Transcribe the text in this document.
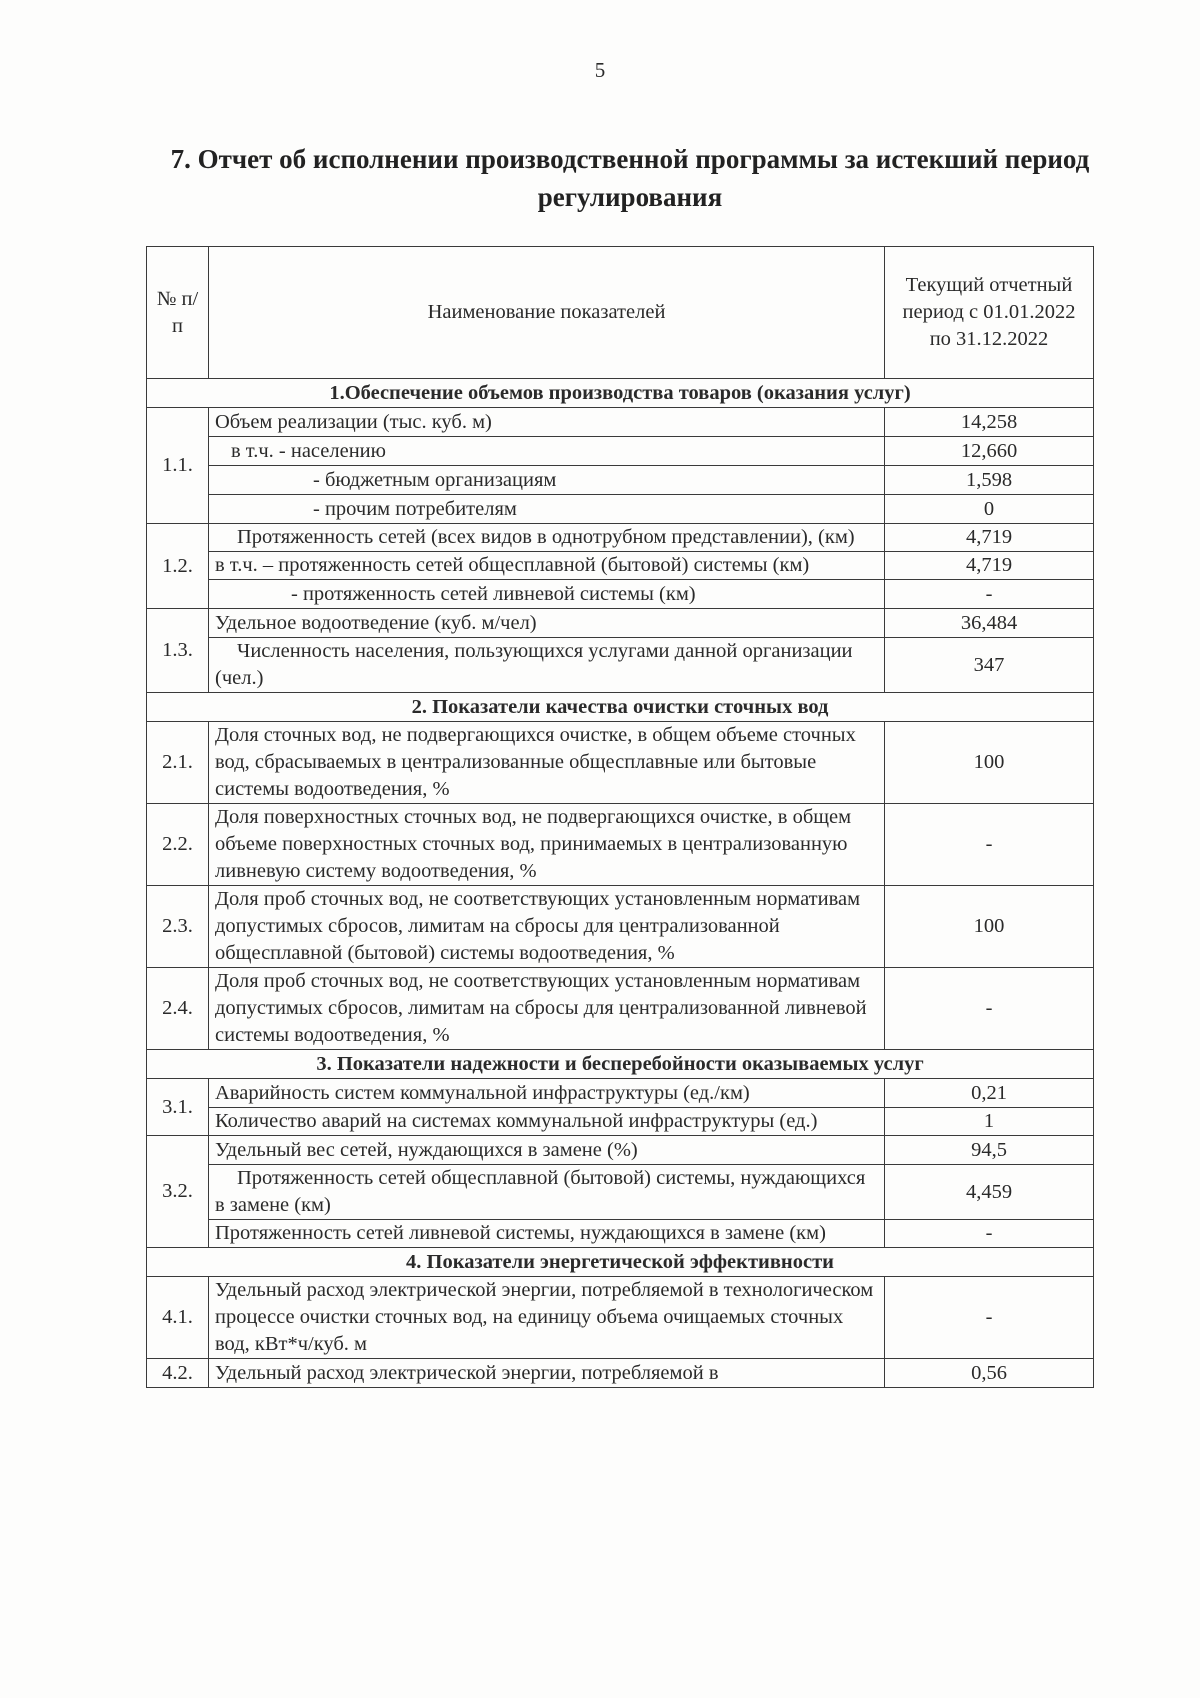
5
7. Отчет об исполнении производственной программы за истекший период регулирования
№ п/п	Наименование показателей	Текущий отчетный период с 01.01.2022 по 31.12.2022
1.Обеспечение объемов производства товаров (оказания услуг)		
1.1.	Объем реализации (тыс. куб. м)	14,258
	в т.ч. - населению	12,660
	- бюджетным организациям	1,598
	- прочим потребителям	0
1.2.	Протяженность сетей (всех видов в однотрубном представлении), (км)	4,719
	в т.ч. – протяженность сетей общесплавной (бытовой) системы (км)	4,719
	- протяженность сетей ливневой системы (км)	-
1.3.	Удельное водоотведение (куб. м/чел)	36,484
	Численность населения, пользующихся услугами данной организации (чел.)	347
2. Показатели качества очистки сточных вод		
2.1.	Доля сточных вод, не подвергающихся очистке, в общем объеме сточных вод, сбрасываемых в централизованные общесплавные или бытовые системы водоотведения, %	100
2.2.	Доля поверхностных сточных вод, не подвергающихся очистке, в общем объеме поверхностных сточных вод, принимаемых в централизованную ливневую систему водоотведения, %	-
2.3.	Доля проб сточных вод, не соответствующих установленным нормативам допустимых сбросов, лимитам на сбросы для централизованной общесплавной (бытовой) системы водоотведения, %	100
2.4.	Доля проб сточных вод, не соответствующих установленным нормативам допустимых сбросов, лимитам на сбросы для централизованной ливневой системы водоотведения, %	-
3. Показатели надежности и бесперебойности оказываемых услуг		
3.1.	Аварийность систем коммунальной инфраструктуры (ед./км)	0,21
	Количество аварий на системах коммунальной инфраструктуры (ед.)	1
3.2.	Удельный вес сетей, нуждающихся в замене (%)	94,5
	Протяженность сетей общесплавной (бытовой) системы, нуждающихся в замене (км)	4,459
	Протяженность сетей ливневой системы, нуждающихся в замене (км)	-
4. Показатели энергетической эффективности		
4.1.	Удельный расход электрической энергии, потребляемой в технологическом процессе очистки сточных вод, на единицу объема очищаемых сточных вод, кВт*ч/куб. м	-
4.2.	Удельный расход электрической энергии, потребляемой в	0,56
